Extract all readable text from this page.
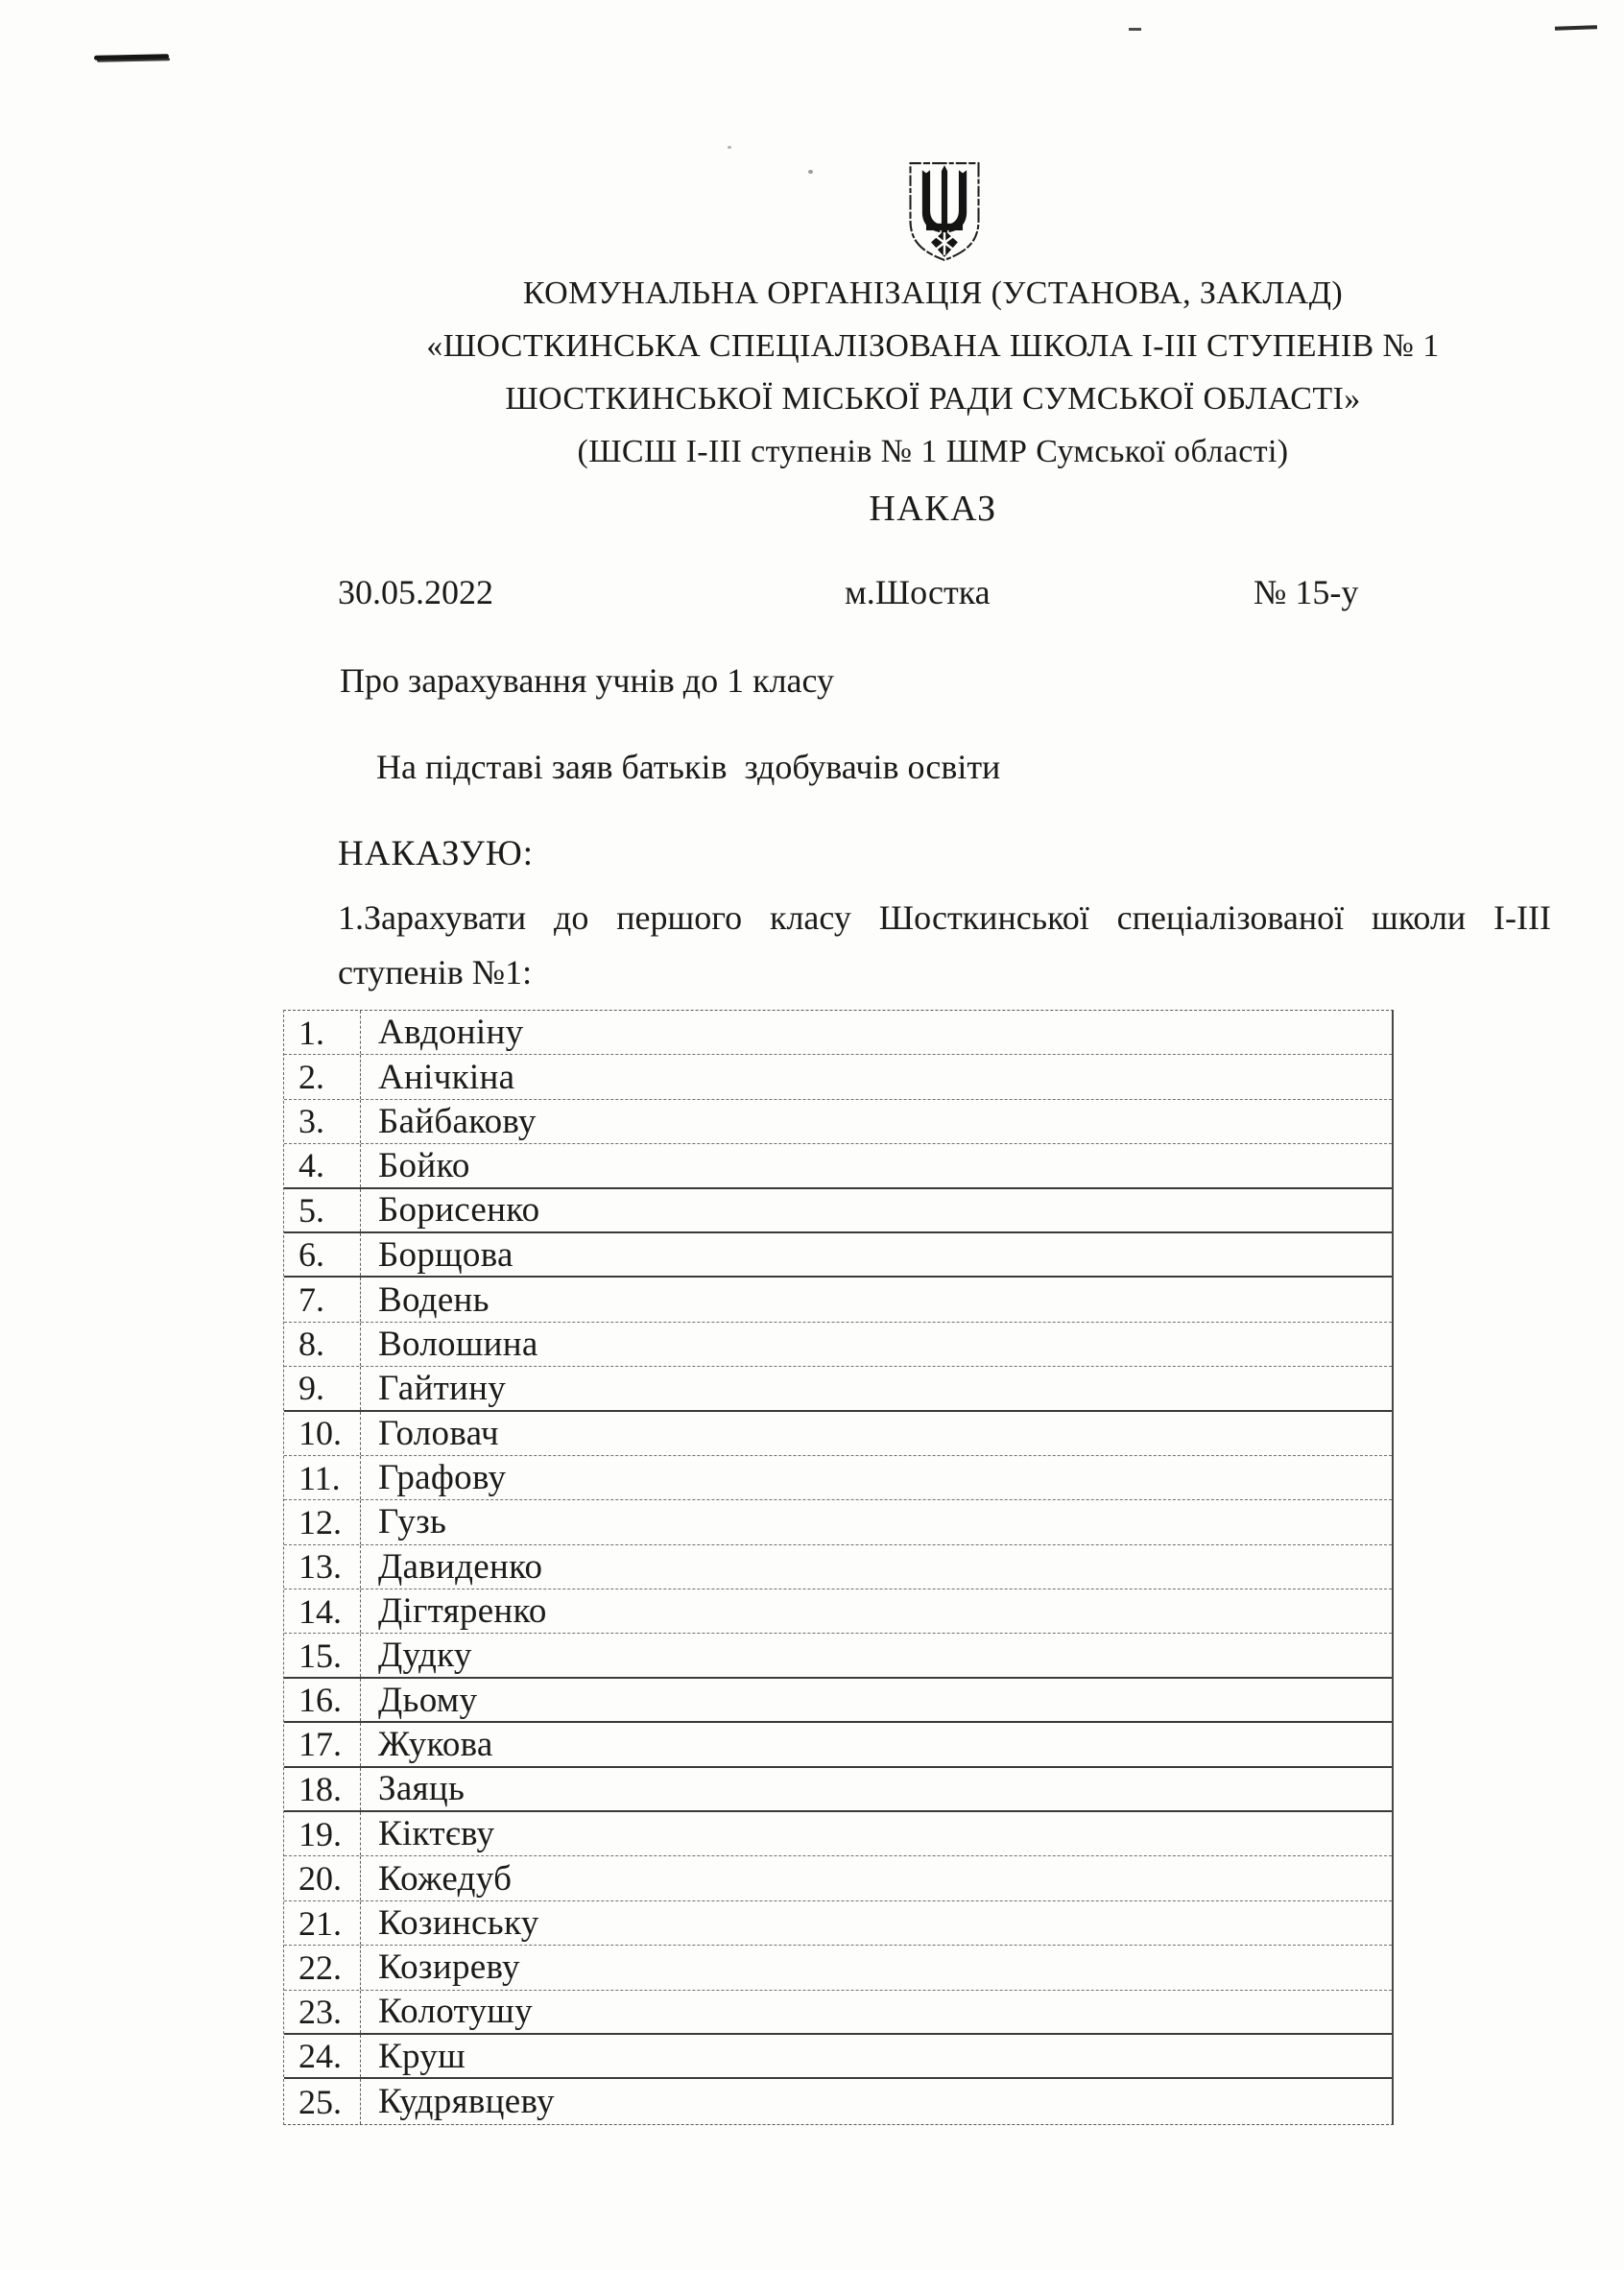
КОМУНАЛЬНА ОРГАНІЗАЦІЯ (УСТАНОВА, ЗАКЛАД)
«ШОСТКИНСЬКА СПЕЦІАЛІЗОВАНА ШКОЛА І-ІІІ СТУПЕНІВ № 1
ШОСТКИНСЬКОЇ МІСЬКОЇ РАДИ СУМСЬКОЇ ОБЛАСТІ»
(ШСШ І-ІІІ ступенів № 1 ШМР Сумської області)
НАКАЗ
30.05.2022	м.Шостка	№ 15-у
Про зарахування учнів до 1 класу
На підставі заяв батьків  здобувачів освіти
НАКАЗУЮ:
1.Зарахувати до першого класу Шосткинської спеціалізованої школи І-ІІІ ступенів №1:
1.	Авдоніну
2.	Анічкіна
3.	Байбакову
4.	Бойко
5.	Борисенко
6.	Борщова
7.	Водень
8.	Волошина
9.	Гайтину
10.	Головач
11.	Графову
12.	Гузь
13.	Давиденко
14.	Дігтяренко
15.	Дудку
16.	Дьому
17.	Жукова
18.	Заяць
19.	Кіктєву
20.	Кожедуб
21.	Козинську
22.	Козиреву
23.	Колотушу
24.	Круш
25.	Кудрявцеву
